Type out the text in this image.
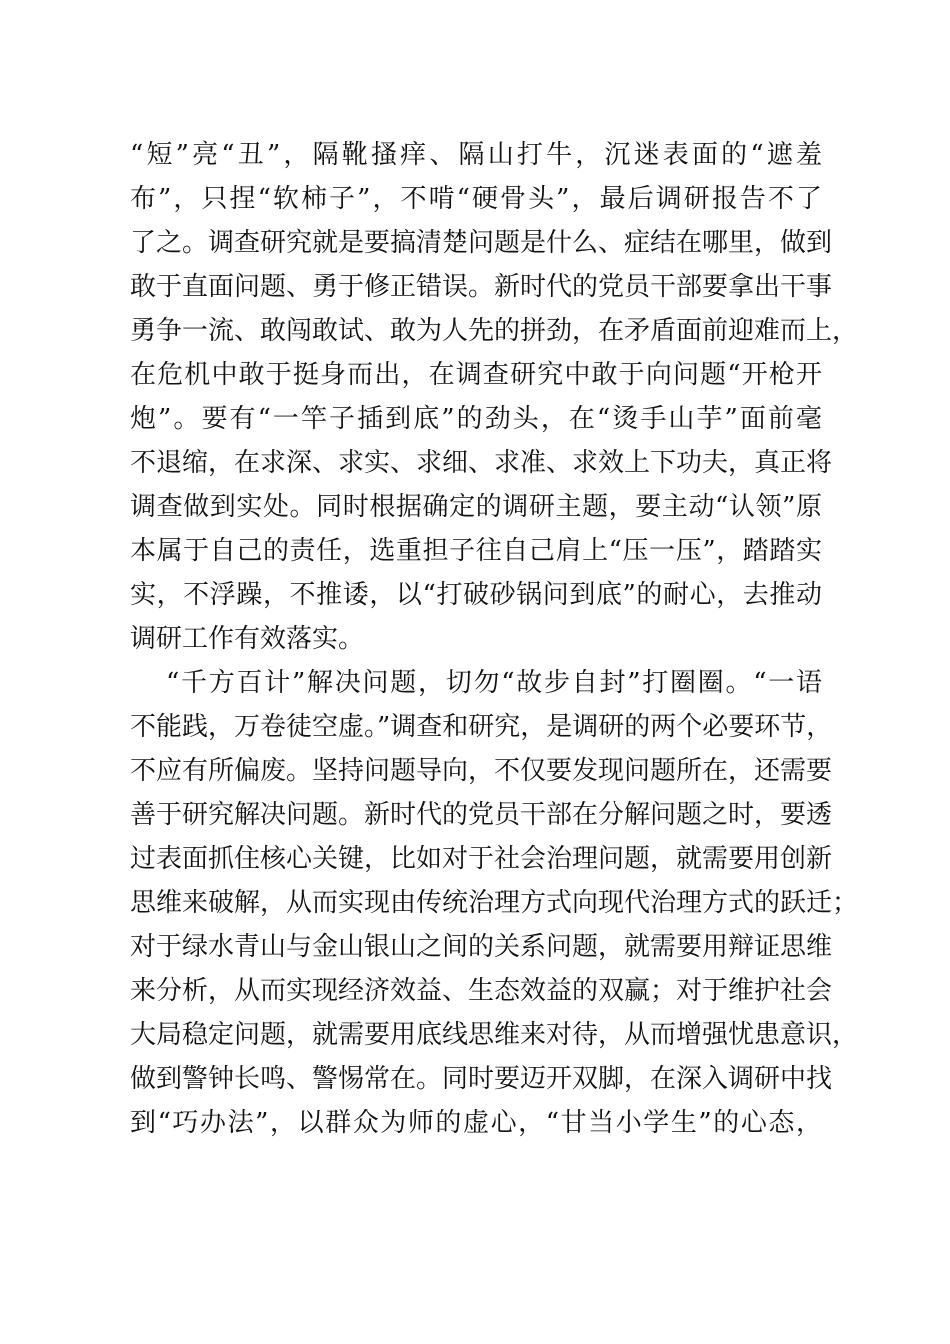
“短”亮“丑”，隔靴搔痒、隔山打牛，沉迷表面的“遮羞
布”，只捏“软柿子”，不啃“硬骨头”，最后调研报告不了
了之。调查研究就是要搞清楚问题是什么、症结在哪里，做到
敢于直面问题、勇于修正错误。新时代的党员干部要拿出干事
勇争一流、敢闯敢试、敢为人先的拼劲，在矛盾面前迎难而上，
在危机中敢于挺身而出，在调查研究中敢于向问题“开枪开
炮”。要有“一竿子插到底”的劲头，在“烫手山芋”面前毫
不退缩，在求深、求实、求细、求准、求效上下功夫，真正将
调查做到实处。同时根据确定的调研主题，要主动“认领”原
本属于自己的责任，选重担子往自己肩上“压一压”，踏踏实
实，不浮躁，不推诿，以“打破砂锅问到底”的耐心，去推动
调研工作有效落实。
“千方百计”解决问题，切勿“故步自封”打圈圈。“一语
不能践，万卷徒空虚。”调查和研究，是调研的两个必要环节，
不应有所偏废。坚持问题导向，不仅要发现问题所在，还需要
善于研究解决问题。新时代的党员干部在分解问题之时，要透
过表面抓住核心关键，比如对于社会治理问题，就需要用创新
思维来破解，从而实现由传统治理方式向现代治理方式的跃迁；
对于绿水青山与金山银山之间的关系问题，就需要用辩证思维
来分析，从而实现经济效益、生态效益的双赢；对于维护社会
大局稳定问题，就需要用底线思维来对待，从而增强忧患意识，
做到警钟长鸣、警惕常在。同时要迈开双脚，在深入调研中找
到“巧办法”，以群众为师的虚心，“甘当小学生”的心态，
